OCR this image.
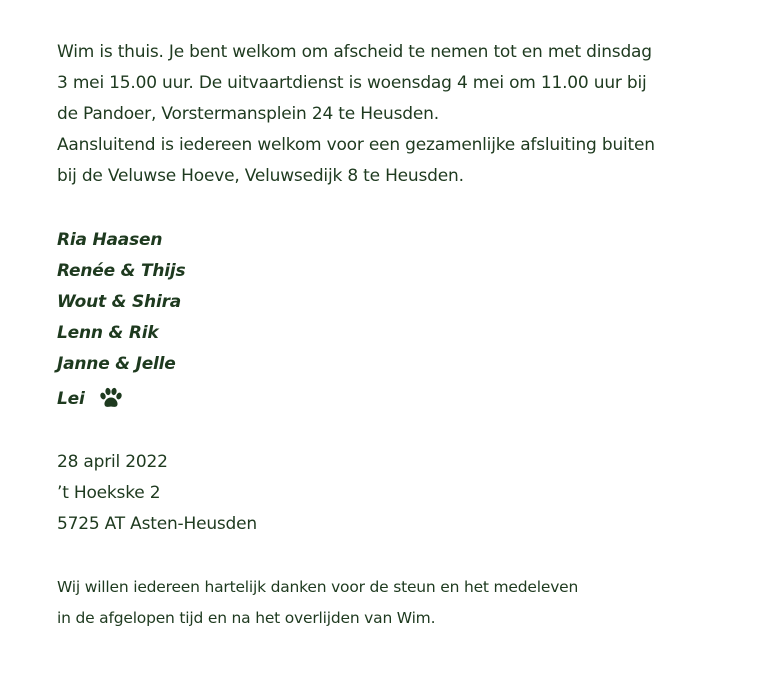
Wim is thuis. Je bent welkom om afscheid te nemen tot en met dinsdag
3 mei 15.00 uur. De uitvaartdienst is woensdag 4 mei om 11.00 uur bij
de Pandoer, Vorstermansplein 24 te Heusden.
Aansluitend is iedereen welkom voor een gezamenlijke afsluiting buiten
bij de Veluwse Hoeve, Veluwsedijk 8 te Heusden.
Ria Haasen
Renée & Thijs
Wout & Shira
Lenn & Rik
Janne & Jelle
Lei
28 april 2022
’t Hoekske 2
5725 AT Asten-Heusden
Wij willen iedereen hartelijk danken voor de steun en het medeleven
in de afgelopen tijd en na het overlijden van Wim.
